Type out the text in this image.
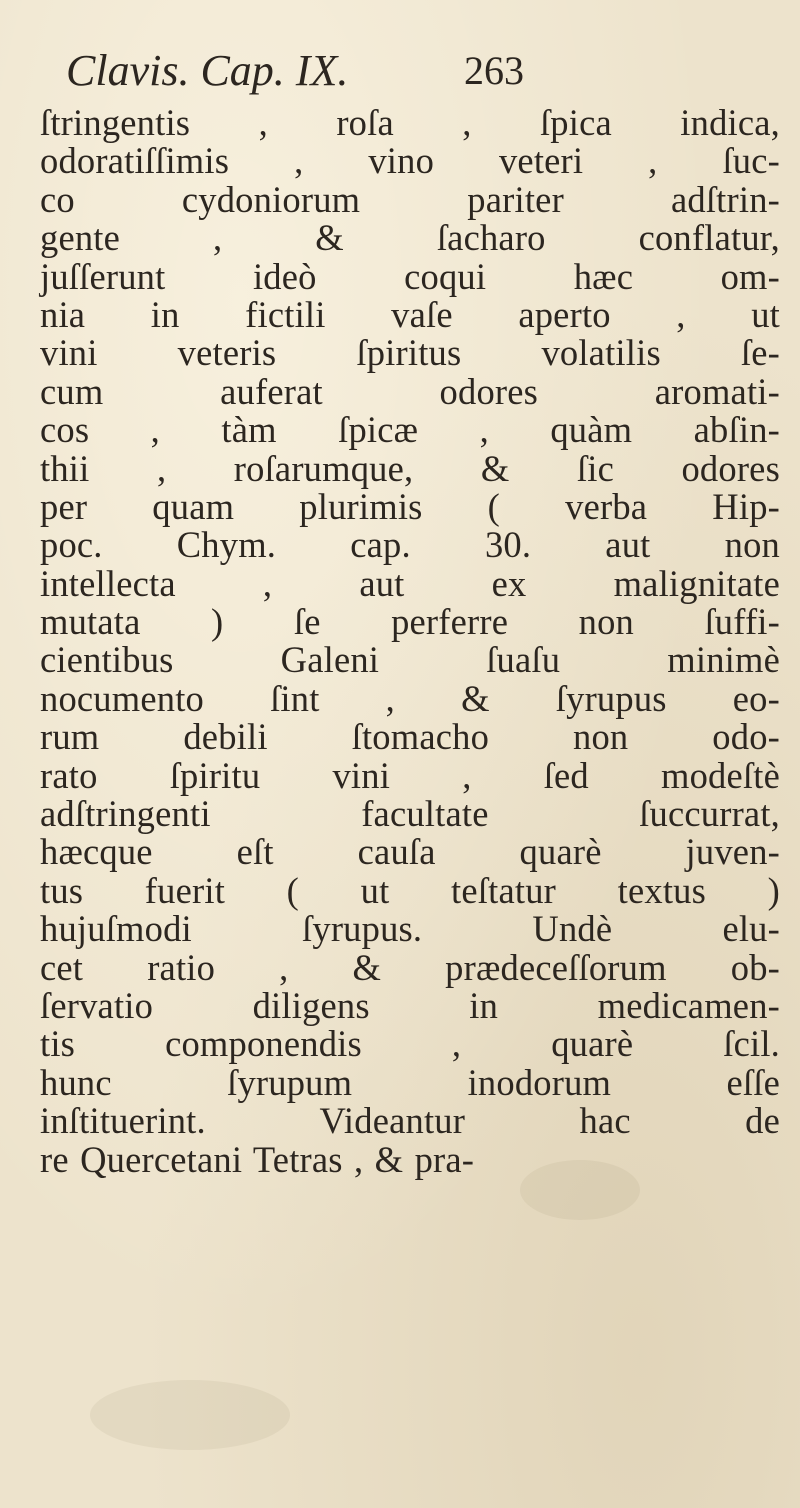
Clavis. Cap. IX.	263
ſtringentis , roſa , ſpica indica,
odoratiſſimis , vino veteri , ſuc-
co cydoniorum pariter adſtrin-
gente , & ſacharo conflatur,
juſſerunt ideò coqui hæc om-
nia in fictili vaſe aperto , ut
vini veteris ſpiritus volatilis ſe-
cum auferat odores aromati-
cos , tàm ſpicæ , quàm abſin-
thii , roſarumque, & ſic odores
per quam plurimis ( verba Hip-
poc. Chym. cap. 30. aut non
intellecta , aut ex malignitate
mutata ) ſe perferre non ſuffi-
cientibus Galeni ſuaſu minimè
nocumento ſint , & ſyrupus eo-
rum debili ſtomacho non odo-
rato ſpiritu vini , ſed modeſtè
adſtringenti facultate ſuccurrat,
hæcque eſt cauſa quarè juven-
tus fuerit ( ut teſtatur textus )
hujuſmodi ſyrupus. Undè elu-
cet ratio , & prædeceſſorum ob-
ſervatio diligens in medicamen-
tis componendis , quarè ſcil.
hunc ſyrupum inodorum eſſe
inſtituerint. Videantur hac de
re Quercetani Tetras , & pra-
